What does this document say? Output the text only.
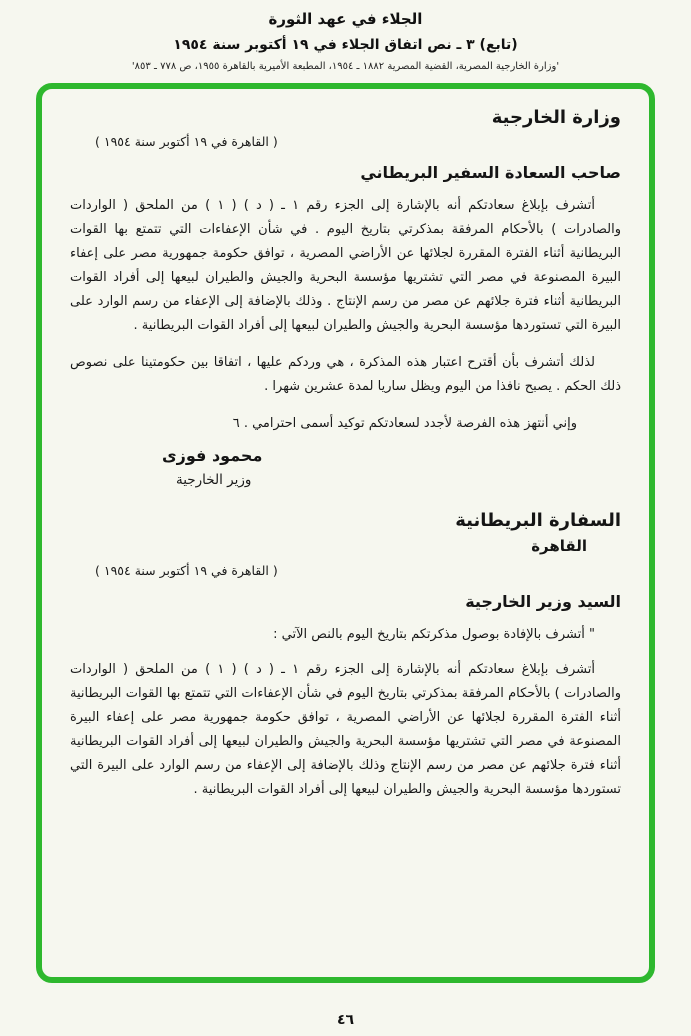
الجلاء في عهد الثورة
(تابع) ٣ ـ نص اتفاق الجلاء في ١٩ أكتوبر سنة ١٩٥٤
'وزارة الخارجية المصرية، القضية المصرية ١٨٨٢ ـ ١٩٥٤، المطبعة الأميرية بالقاهرة ١٩٥٥، ص ٧٧٨ ـ ٨٥٣'
وزارة الخارجية
( القاهرة في ١٩ أكتوبر سنة ١٩٥٤ )
صاحب السعادة السفير البريطاني

أتشرف بإبلاغ سعادتكم أنه بالإشارة إلى الجزء رقم ١ ـ ( د ) ( ١ ) من الملحق ( الواردات والصادرات ) بالأحكام المرفقة بمذكرتي بتاريخ اليوم . في شأن الإعفاءات التي تتمتع بها القوات البريطانية أثناء الفترة المقررة لجلائها عن الأراضي المصرية ، توافق حكومة جمهورية مصر على إعفاء البيرة المصنوعة في مصر التي تشتريها مؤسسة البحرية والجيش والطيران لبيعها إلى أفراد القوات البريطانية أثناء فترة جلائهم عن مصر من رسم الإنتاج . وذلك بالإضافة إلى الإعفاء من رسم الوارد على البيرة التي تستوردها مؤسسة البحرية والجيش والطيران لبيعها إلى أفراد القوات البريطانية .

لذلك أتشرف بأن أقترح اعتبار هذه المذكرة ، هي وردكم عليها ، اتفاقا بين حكومتينا على نصوص ذلك الحكم . يصبح نافذا من اليوم ويظل ساريا لمدة عشرين شهرا .

وإني أنتهز هذه الفرصة لأجدد لسعادتكم توكيد أسمى احترامي . ٦

محمود فوزى
وزير الخارجية
السفارة البريطانية
القاهرة
( القاهرة في ١٩ أكتوبر سنة ١٩٥٤ )
السيد وزير الخارجية

" أتشرف بالإفادة بوصول مذكرتكم بتاريخ اليوم بالنص الآتي :

أتشرف بإبلاغ سعادتكم أنه بالإشارة إلى الجزء رقم ١ ـ ( د ) ( ١ ) من الملحق ( الواردات والصادرات ) بالأحكام المرفقة بمذكرتي بتاريخ اليوم في شأن الإعفاءات التي تتمتع بها القوات البريطانية أثناء الفترة المقررة لجلائها عن الأراضي المصرية ، توافق حكومة جمهورية مصر على إعفاء البيرة المصنوعة في مصر التي تشتريها مؤسسة البحرية والجيش والطيران لبيعها إلى أفراد القوات البريطانية أثناء فترة جلائهم عن مصر من رسم الإنتاج وذلك بالإضافة إلى الإعفاء من رسم الوارد على البيرة التي تستوردها مؤسسة البحرية والجيش والطيران لبيعها إلى أفراد القوات البريطانية .

٤٦
